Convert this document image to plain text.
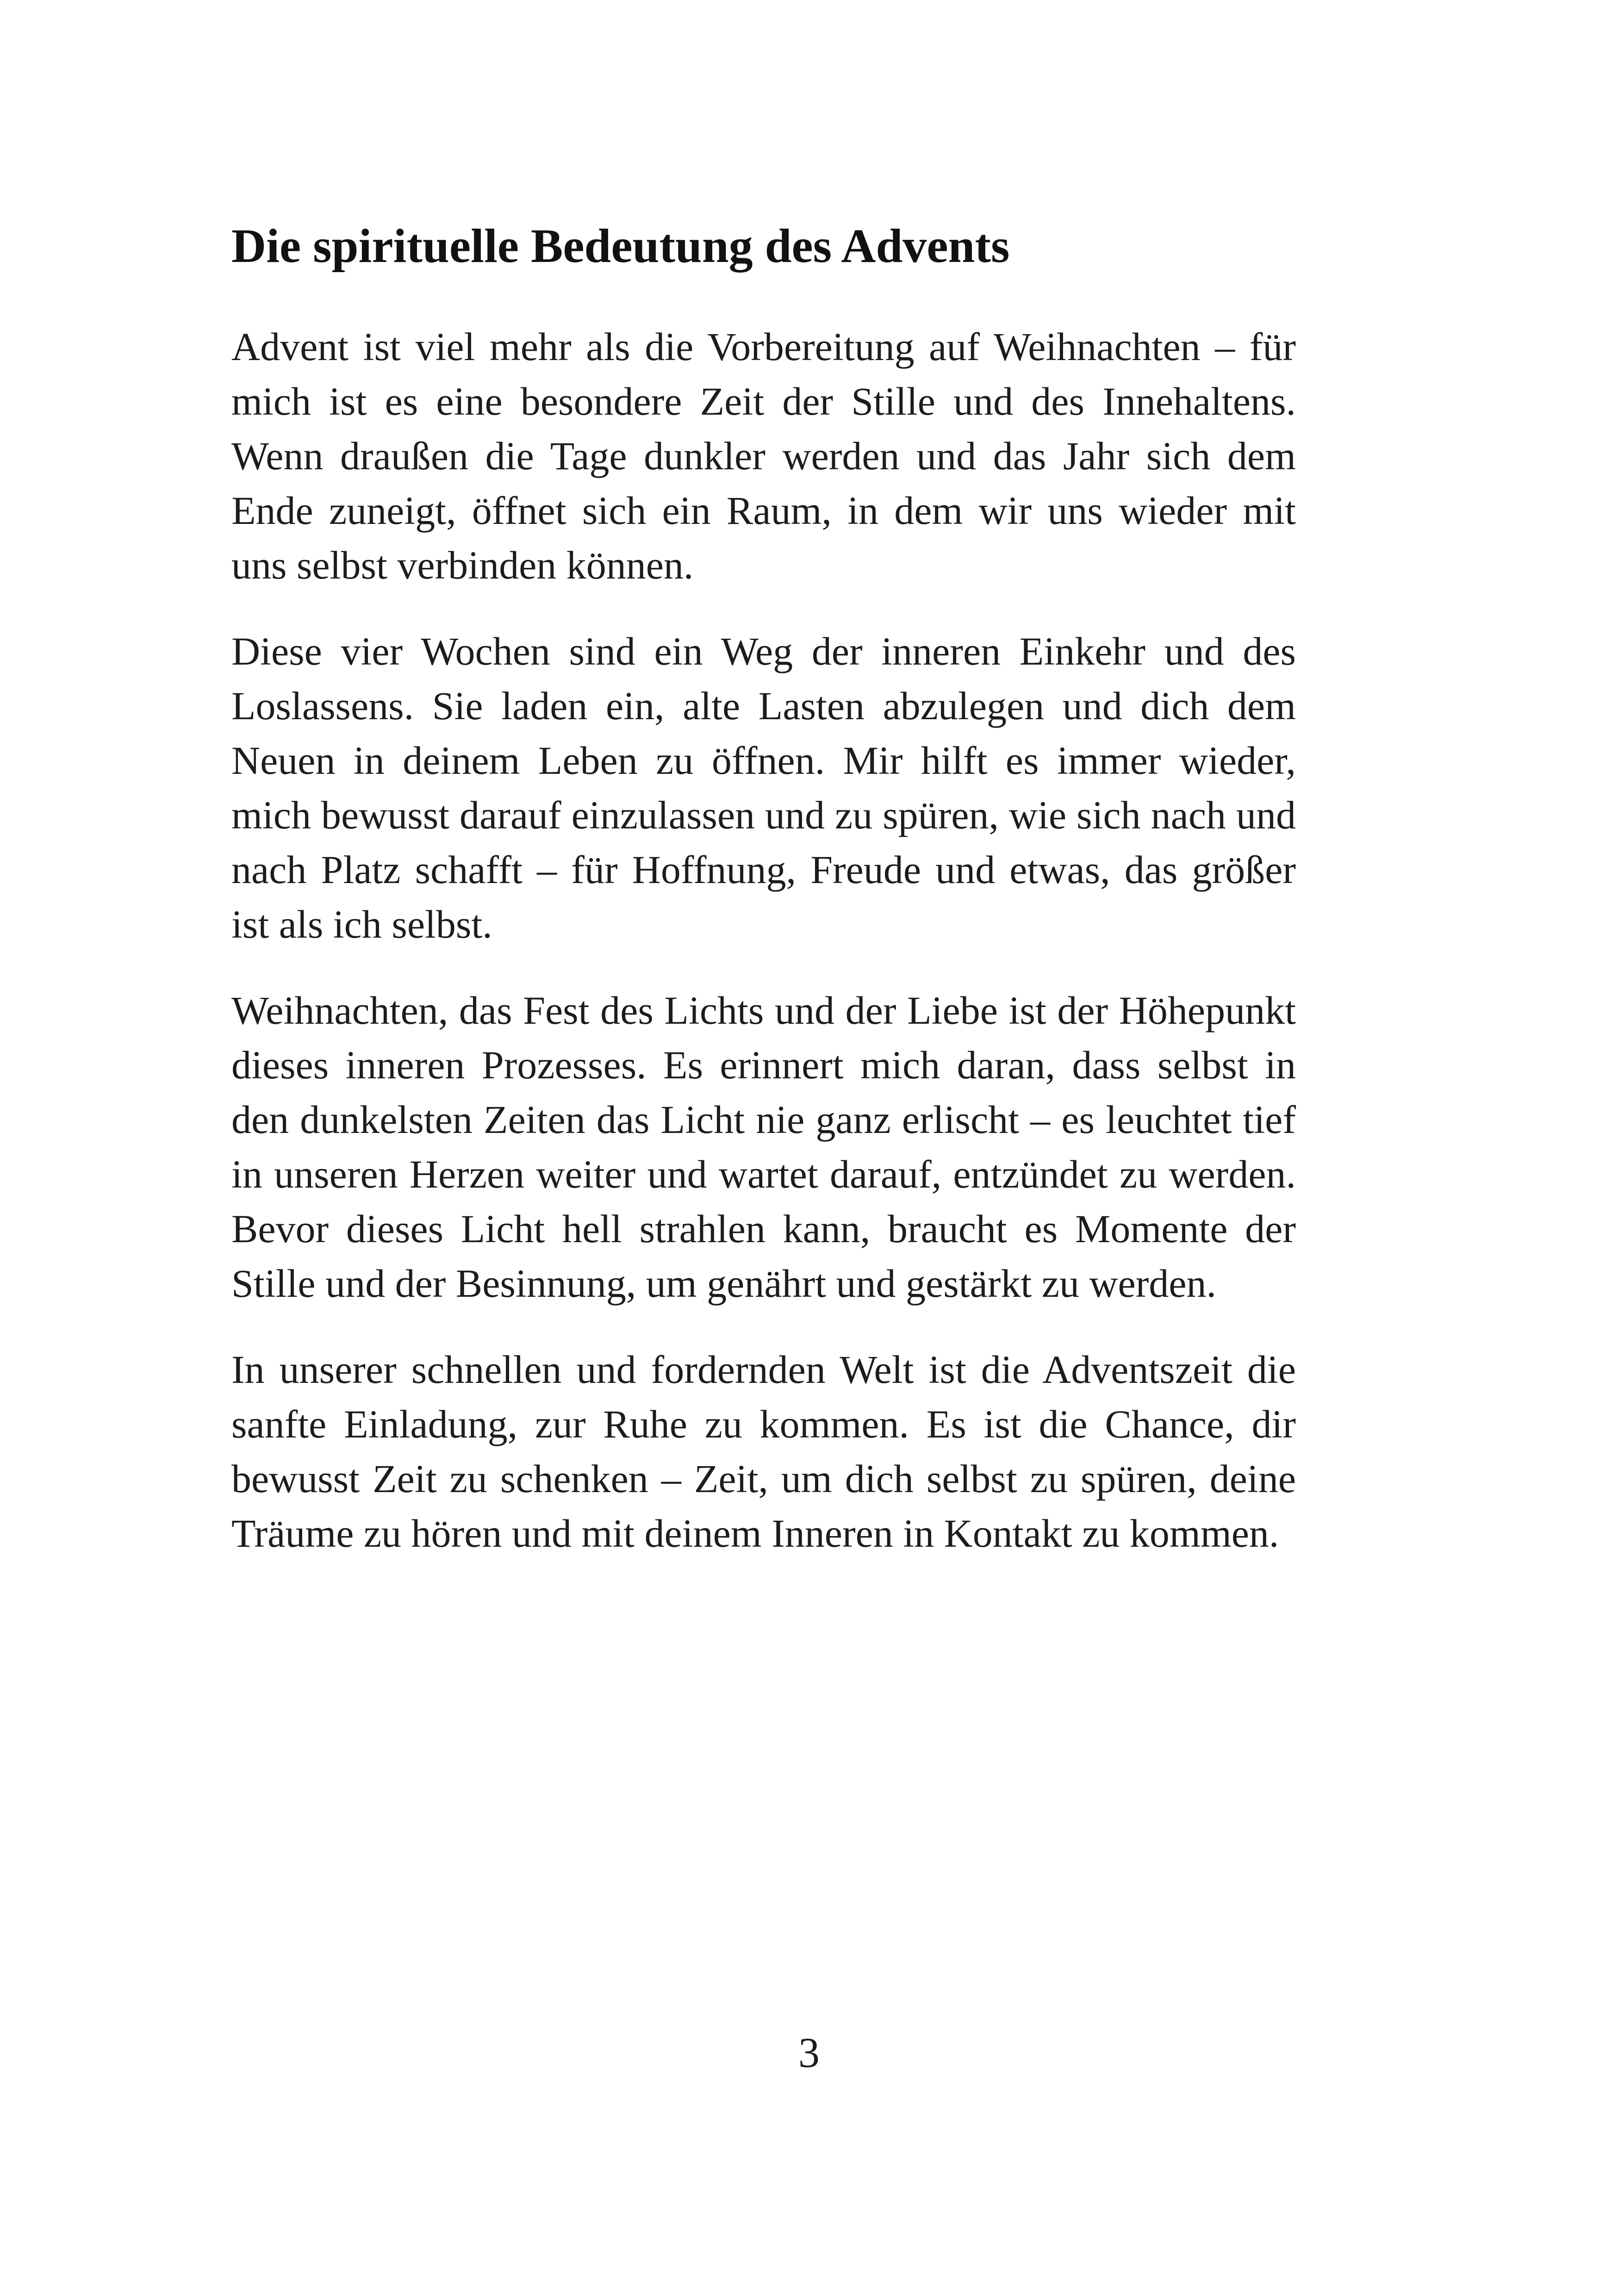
Die spirituelle Bedeutung des Advents

Advent ist viel mehr als die Vorbereitung auf Weihnachten – für mich ist es eine besondere Zeit der Stille und des Innehaltens. Wenn draußen die Tage dunkler werden und das Jahr sich dem Ende zuneigt, öffnet sich ein Raum, in dem wir uns wieder mit uns selbst verbinden können.

Diese vier Wochen sind ein Weg der inneren Einkehr und des Loslassens. Sie laden ein, alte Lasten abzulegen und dich dem Neuen in deinem Leben zu öffnen. Mir hilft es immer wieder, mich bewusst darauf einzulassen und zu spüren, wie sich nach und nach Platz schafft – für Hoffnung, Freude und etwas, das größer ist als ich selbst.

Weihnachten, das Fest des Lichts und der Liebe ist der Höhepunkt dieses inneren Prozesses. Es erinnert mich daran, dass selbst in den dunkelsten Zeiten das Licht nie ganz erlischt – es leuchtet tief in unseren Herzen weiter und wartet darauf, entzündet zu werden. Bevor dieses Licht hell strahlen kann, braucht es Momente der Stille und der Besinnung, um genährt und gestärkt zu werden.

In unserer schnellen und fordernden Welt ist die Adventszeit die sanfte Einladung, zur Ruhe zu kommen. Es ist die Chance, dir bewusst Zeit zu schenken – Zeit, um dich selbst zu spüren, deine Träume zu hören und mit deinem Inneren in Kontakt zu kommen.

3
